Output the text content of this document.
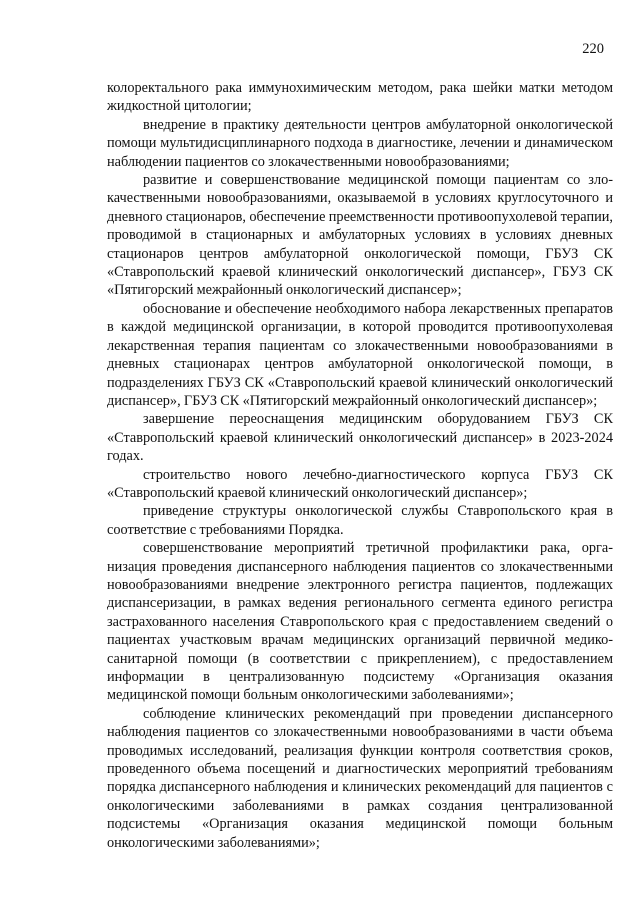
220

колоректального рака иммунохимическим методом, рака шейки матки методом жидкостной цитологии;

внедрение в практику деятельности центров амбулаторной онкологической помощи мультидисциплинарного подхода в диагностике, лечении и динамическом наблюдении пациентов со злокачественными новообразованиями;

развитие и совершенствование медицинской помощи пациентам со злокачественными новообразованиями, оказываемой в условиях круглосуточного и дневного стационаров, обеспечение преемственности противоопухолевой терапии, проводимой в стационарных и амбулаторных условиях в условиях дневных стационаров центров амбулаторной онкологической помощи, ГБУЗ СК «Ставропольский краевой клинический онкологический диспансер», ГБУЗ СК «Пятигорский межрайонный онкологический диспансер»;

обоснование и обеспечение необходимого набора лекарственных препаратов в каждой медицинской организации, в которой проводится противоопухолевая лекарственная терапия пациентам со злокачественными новообразованиями в дневных стационарах центров амбулаторной онкологической помощи, в подразделениях ГБУЗ СК «Ставропольский краевой клинический онкологический диспансер», ГБУЗ СК «Пятигорский межрайонный онкологический диспансер»;

завершение переоснащения медицинским оборудованием ГБУЗ СК «Ставропольский краевой клинический онкологический диспансер» в 2023-2024 годах.

строительство нового лечебно-диагностического корпуса ГБУЗ СК «Ставропольский краевой клинический онкологический диспансер»;

приведение структуры онкологической службы Ставропольского края в соответствие с требованиями Порядка.

совершенствование мероприятий третичной профилактики рака, организация проведения диспансерного наблюдения пациентов со злокачественными новообразованиями внедрение электронного регистра пациентов, подлежащих диспансеризации, в рамках ведения регионального сегмента единого регистра застрахованного населения Ставропольского края с предоставлением сведений о пациентах участковым врачам медицинских организаций первичной медико-санитарной помощи (в соответствии с прикреплением), с предоставлением информации в централизованную подсистему «Организация оказания медицинской помощи больным онкологическими заболеваниями»;

соблюдение клинических рекомендаций при проведении диспансерного наблюдения пациентов со злокачественными новообразованиями в части объема проводимых исследований, реализация функции контроля соответствия сроков, проведенного объема посещений и диагностических мероприятий требованиям порядка диспансерного наблюдения и клинических рекомендаций для пациентов с онкологическими заболеваниями в рамках создания централизованной подсистемы «Организация оказания медицинской помощи больным онкологическими заболеваниями»;
